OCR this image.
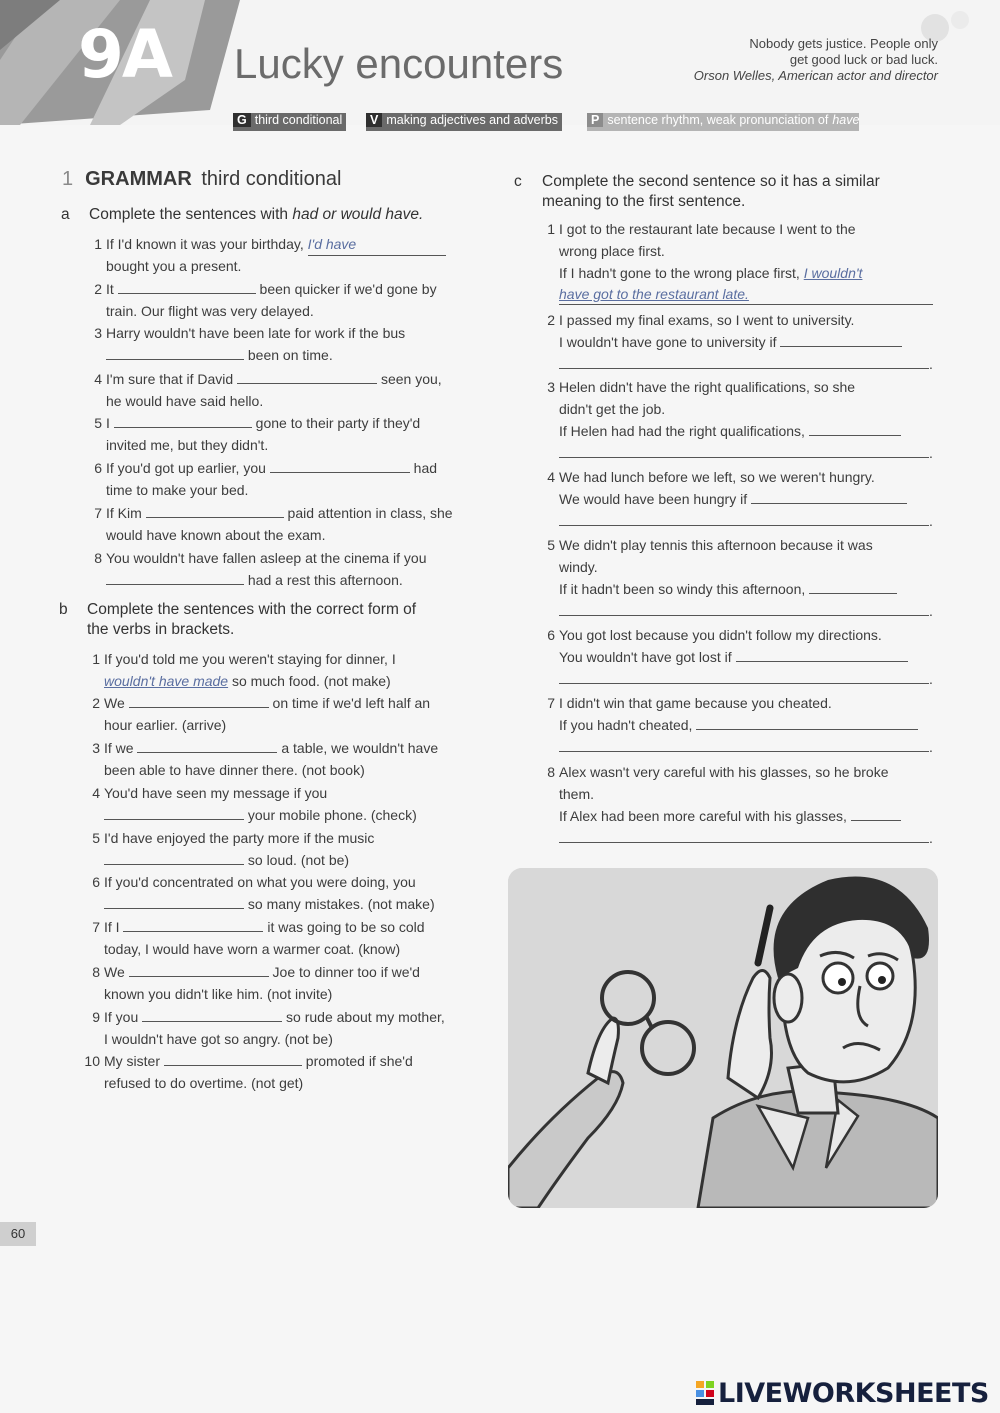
9A Lucky encounters	Nobody gets justice. People only
get good luck or bad luck.
Orson Welles, American actor and director
G third conditional	V making adjectives and adverbs	P sentence rhythm, weak pronunciation of have
1 GRAMMAR third conditional
a Complete the sentences with had or would have.
1 If I'd known it was your birthday, I'd have
bought you a present.
2 It	been quicker if we'd gone by
train. Our flight was very delayed.
3 Harry wouldn't have been late for work if the bus
been on time.
4 I'm sure that if David	seen you,
he would have said hello.
5 I	gone to their party if they'd
invited me, but they didn't.
6 If you'd got up earlier, you	had
time to make your bed.
7 If Kim	paid attention in class, she
would have known about the exam.
8 You wouldn't have fallen asleep at the cinema if you
had a rest this afternoon.
b Complete the sentences with the correct form of
the verbs in brackets.
1 If you'd told me you weren't staying for dinner, I
wouldn't have made so much food. (not make)
2 We	on time if we'd left half an
hour earlier. (arrive)
3 If we	a table, we wouldn't have
been able to have dinner there. (not book)
4 You'd have seen my message if you
your mobile phone. (check)
5 I'd have enjoyed the party more if the music
so loud. (not be)
6 If you'd concentrated on what you were doing, you
so many mistakes. (not make)
7 If I	it was going to be so cold
today, I would have worn a warmer coat. (know)
8 We	Joe to dinner too if we'd
known you didn't like him. (not invite)
9 If you	so rude about my mother,
I wouldn't have got so angry. (not be)
10 My sister	promoted if she'd
refused to do overtime. (not get)
c Complete the second sentence so it has a similar
meaning to the first sentence.
1 I got to the restaurant late because I went to the
wrong place first.
If I hadn't gone to the wrong place first, I wouldn't
have got to the restaurant late.
2 I passed my final exams, so I went to university.
I wouldn't have gone to university if
.
3 Helen didn't have the right qualifications, so she
didn't get the job.
If Helen had had the right qualifications,
.
4 We had lunch before we left, so we weren't hungry.
We would have been hungry if
.
5 We didn't play tennis this afternoon because it was
windy.
If it hadn't been so windy this afternoon,
.
6 You got lost because you didn't follow my directions.
You wouldn't have got lost if
.
7 I didn't win that game because you cheated.
If you hadn't cheated,
.
8 Alex wasn't very careful with his glasses, so he broke
them.
If Alex had been more careful with his glasses,
.
60
LIVEWORKSHEETS
